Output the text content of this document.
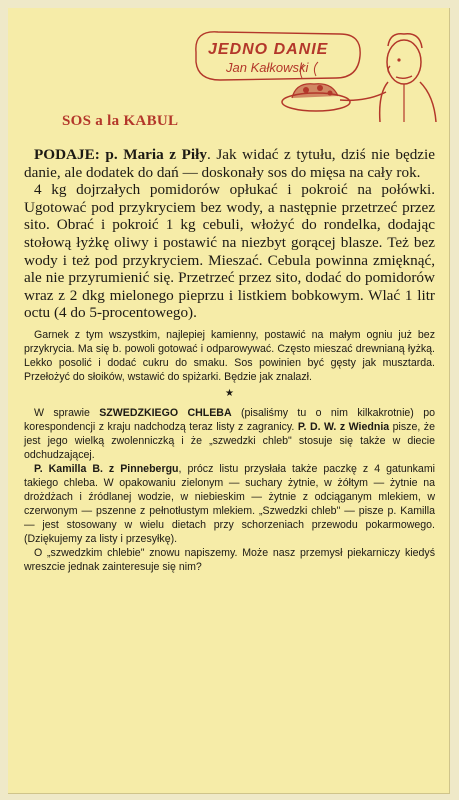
JEDNO DANIE
Jan Kałkowski
SOS a la KABUL

PODAJE: p. Maria z Piły. Jak widać z tytułu, dziś nie będzie danie, ale dodatek do dań — doskonały sos do mięsa na cały rok.

4 kg dojrzałych pomidorów opłukać i pokroić na połówki. Ugotować pod przykryciem bez wody, a następnie przetrzeć przez sito. Obrać i pokroić 1 kg cebuli, włożyć do rondelka, dodając stołową łyżkę oliwy i postawić na niezbyt gorącej blasze. Też bez wody i też pod przykryciem. Mieszać. Cebula powinna zmięknąć, ale nie przyrumienić się. Przetrzeć przez sito, dodać do pomidorów wraz z 2 dkg mielonego pieprzu i listkiem bobkowym. Wlać 1 litr octu (4 do 5-procentowego).

Garnek z tym wszystkim, najlepiej kamienny, postawić na małym ogniu już bez przykrycia. Ma się b. powoli gotować i odparowywać. Często mieszać drewnianą łyżką. Lekko posolić i dodać cukru do smaku. Sos powinien być gęsty jak musztarda. Przełożyć do słoików, wstawić do spiżarki. Będzie jak znalazł.

★

W sprawie SZWEDZKIEGO CHLEBA (pisaliśmy tu o nim kilkakrotnie) po korespondencji z kraju nadchodzą teraz listy z zagranicy. P. D. W. z Wiednia pisze, że jest jego wielką zwolenniczką i że „szwedzki chleb" stosuje się także w diecie odchudzającej.

P. Kamilla B. z Pinnebergu, prócz listu przysłała także paczkę z 4 gatunkami takiego chleba. W opakowaniu zielonym — suchary żytnie, w żółtym — żytnie na drożdżach i źródlanej wodzie, w niebieskim — żytnie z odciąganym mlekiem, w czerwonym — pszenne z pełnotłustym mlekiem. „Szwedzki chleb" — pisze p. Kamilla — jest stosowany w wielu dietach przy schorzeniach przewodu pokarmowego. (Dziękujemy za listy i przesyłkę).

O „szwedzkim chlebie" znowu napiszemy. Może nasz przemysł piekarniczy kiedyś wreszcie jednak zainteresuje się nim?
